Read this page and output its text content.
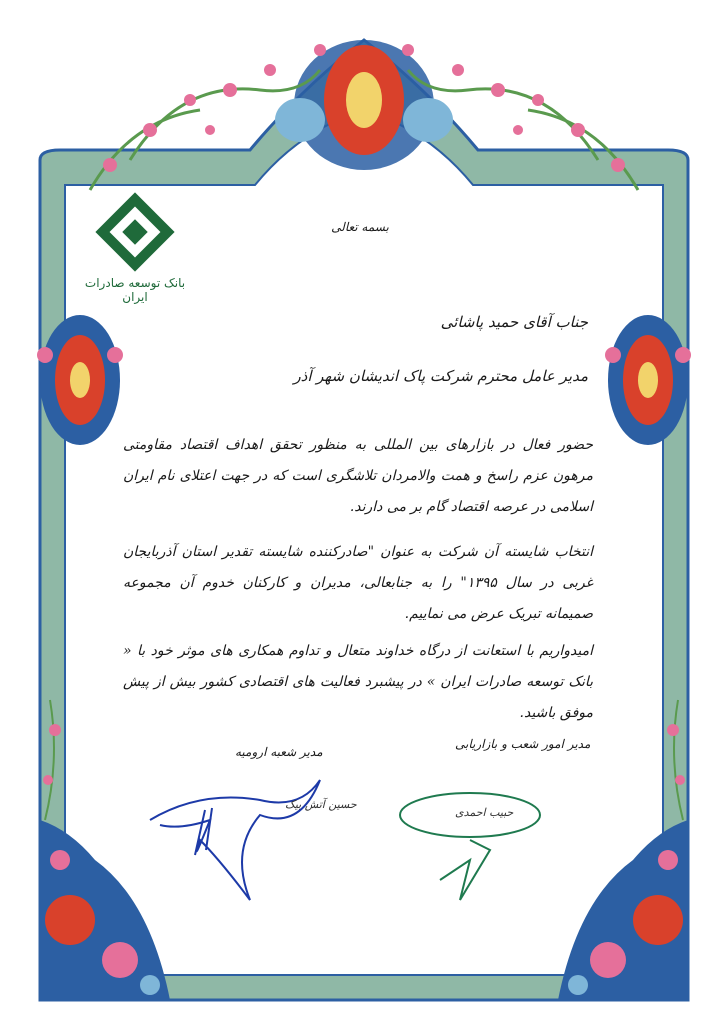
بانک توسعه صادرات ایران
بسمه تعالی
جناب آقای حمید پاشائی
مدیر عامل محترم شرکت پاک اندیشان شهر آذر
حضور فعال در بازارهای بین المللی به منظور تحقق اهداف اقتصاد مقاومتی مرهون عزم راسخ و همت والامردان تلاشگری است که در جهت اعتلای نام ایران اسلامی در عرصه اقتصاد گام بر می دارند.
انتخاب شایسته آن شرکت به عنوان "صادرکننده شایسته تقدیر استان آذربایجان غربی در سال ۱۳۹۵" را به جنابعالی، مدیران و کارکنان خدوم آن مجموعه صمیمانه تبریک عرض می نماییم.
امیدواریم با استعانت از درگاه خداوند متعال و تداوم همکاری های موثر خود با « بانک توسعه صادرات ایران » در پیشبرد فعالیت های اقتصادی کشور بیش از پیش موفق باشید.
مدیر شعبه ارومیه
حسین آتش بیک
مدیر امور شعب و بازاریابی
حبیب احمدی
